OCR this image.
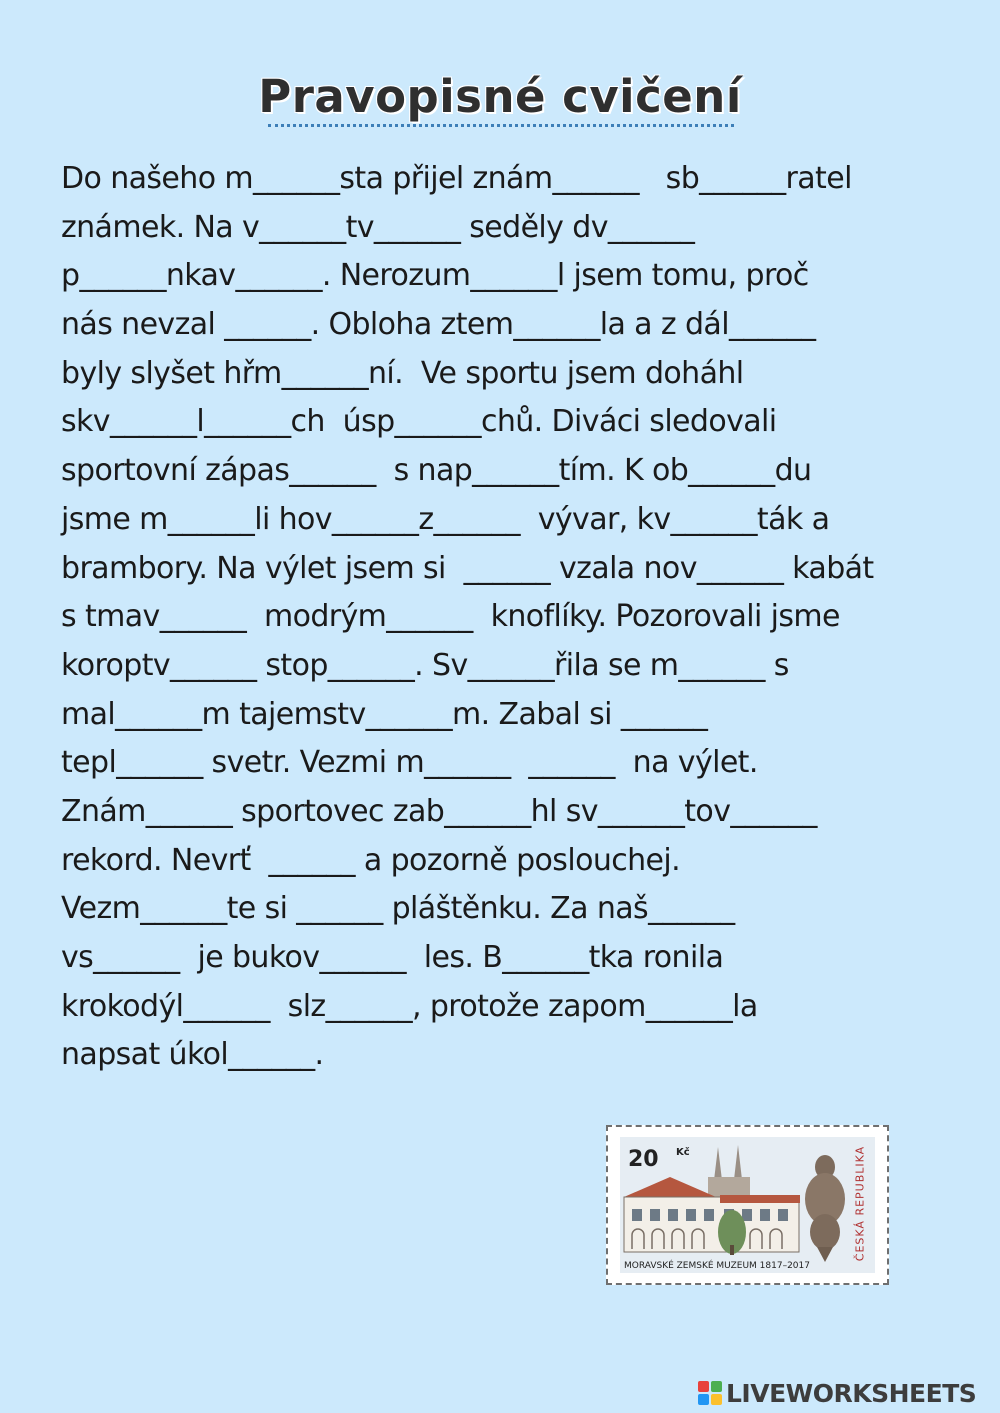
Pravopisné cvičení
Do našeho m______sta přijel znám______   sb______ratel
známek. Na v______tv______ seděly dv______
p______nkav______. Nerozum______l jsem tomu, proč
nás nevzal ______. Obloha ztem______la a z dál______
byly slyšet hřm______ní.  Ve sportu jsem doháhl
skv______l______ch  úsp______chů. Diváci sledovali
sportovní zápas______  s nap______tím. K ob______du
jsme m______li hov______z______  vývar, kv______ták a
brambory. Na výlet jsem si  ______ vzala nov______ kabát
s tmav______  modrým______  knoflíky. Pozorovali jsme
koroptv______ stop______. Sv______řila se m______ s
mal______m tajemstv______m. Zabal si ______
tepl______ svetr. Vezmi m______  ______  na výlet.
Znám______ sportovec zab______hl sv______tov______
rekord. Nevrť  ______ a pozorně poslouchej.
Vezm______te si ______ pláštěnku. Za naš______
vs______  je bukov______  les. B______tka ronila
krokodýl______  slz______, protože zapom______la
napsat úkol______.
20 Kč	ČESKÁ REPUBLIKA
MORAVSKÉ ZEMSKÉ MUZEUM 1817–2017
LIVEWORKSHEETS
